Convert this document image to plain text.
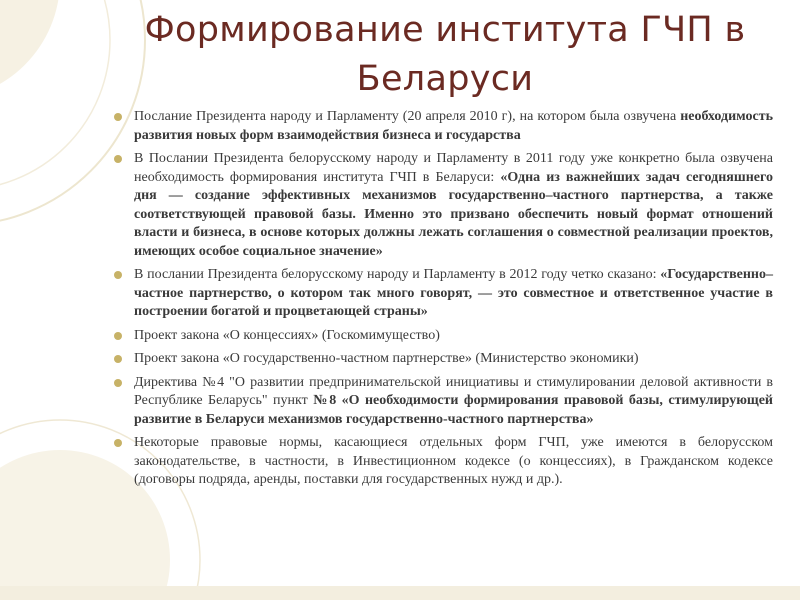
Формирование института ГЧП в Беларуси
Послание Президента народу и Парламенту (20 апреля 2010 г), на котором была озвучена необходимость развития новых форм взаимодействия бизнеса и государства
В Послании Президента белорусскому народу и Парламенту в 2011 году уже конкретно была озвучена необходимость формирования института ГЧП в Беларуси: «Одна из важнейших задач сегодняшнего дня — создание эффективных механизмов государственно–частного партнерства, а также соответствующей правовой базы. Именно это призвано обеспечить новый формат отношений власти и бизнеса, в основе которых должны лежать соглашения о совместной реализации проектов, имеющих особое социальное значение»
В послании Президента белорусскому народу и Парламенту в 2012 году четко сказано: «Государственно–частное партнерство, о котором так много говорят, — это совместное и ответственное участие в построении богатой и процветающей страны»
Проект закона «О концессиях» (Госкомимущество)
Проект закона «О государственно-частном партнерстве» (Министерство экономики)
Директива №4 "О развитии предпринимательской инициативы и стимулировании деловой активности в Республике Беларусь" пункт №8 «О необходимости формирования правовой базы, стимулирующей развитие в Беларуси механизмов государственно-частного партнерства»
Некоторые правовые нормы, касающиеся отдельных форм ГЧП, уже имеются в белорусском законодательстве, в частности, в Инвестиционном кодексе (о концессиях), в Гражданском кодексе (договоры подряда, аренды, поставки для государственных нужд и др.).
